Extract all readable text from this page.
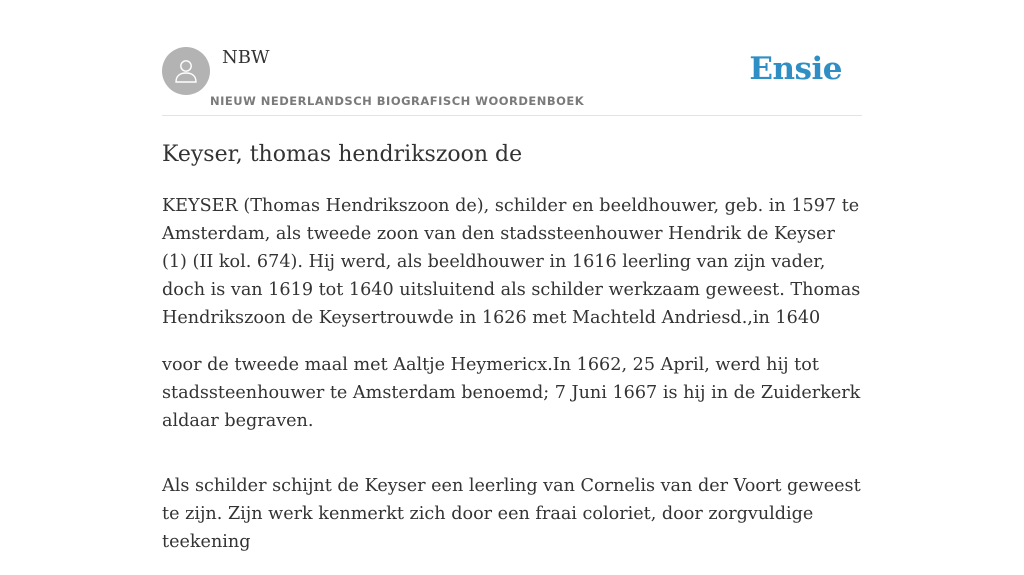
NBW
NIEUW NEDERLANDSCH BIOGRAFISCH WOORDENBOEK
Ensie
Keyser, thomas hendrikszoon de

KEYSER (Thomas Hendrikszoon de), schilder en beeldhouwer, geb. in 1597 te Amsterdam, als tweede zoon van den stadssteenhouwer Hendrik de Keyser (1) (II kol. 674). Hij werd, als beeldhouwer in 1616 leerling van zijn vader, doch is van 1619 tot 1640 uitsluitend als schilder werkzaam geweest. Thomas Hendrikszoon de Keysertrouwde in 1626 met Machteld Andriesd.,in 1640

voor de tweede maal met Aaltje Heymericx.In 1662, 25 April, werd hij tot stadssteenhouwer te Amsterdam benoemd; 7 Juni 1667 is hij in de Zuiderkerk aldaar begraven.

Als schilder schijnt de Keyser een leerling van Cornelis van der Voort geweest te zijn. Zijn werk kenmerkt zich door een fraai coloriet, door zorgvuldige teekening
